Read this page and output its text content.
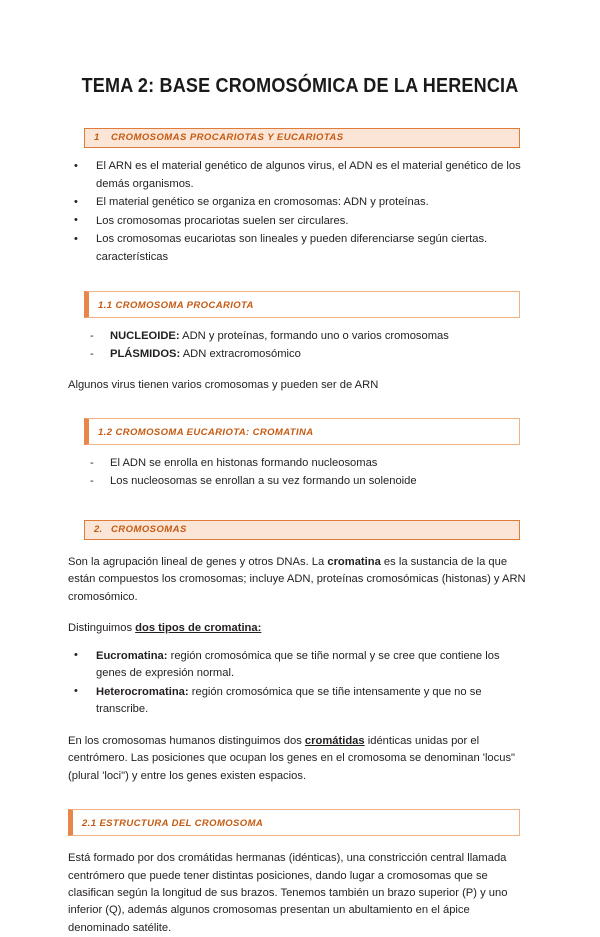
TEMA 2: BASE CROMOSÓMICA DE LA HERENCIA
1	CROMOSOMAS PROCARIOTAS Y EUCARIOTAS
• El ARN es el material genético de algunos virus, el ADN es el material genético de los demás organismos.
• El material genético se organiza en cromosomas: ADN y proteínas.
• Los cromosomas procariotas suelen ser circulares.
• Los cromosomas eucariotas son lineales y pueden diferenciarse según ciertas. características
1.1 CROMOSOMA PROCARIOTA
- NUCLEOIDE: ADN y proteínas, formando uno o varios cromosomas
- PLÁSMIDOS: ADN extracromosómico

Algunos virus tienen varios cromosomas y pueden ser de ARN

1.2 CROMOSOMA EUCARIOTA: CROMATINA
- El ADN se enrolla en histonas formando nucleosomas
- Los nucleosomas se enrollan a su vez formando un solenoide
2. CROMOSOMAS

Son la agrupación lineal de genes y otros DNAs. La cromatina es la sustancia de la que están compuestos los cromosomas; incluye ADN, proteínas cromosómicas (histonas) y ARN cromosómico.

Distinguimos dos tipos de cromatina:

• Eucromatina: región cromosómica que se tiñe normal y se cree que contiene los genes de expresión normal.
• Heterocromatina: región cromosómica que se tiñe intensamente y que no se transcribe.

En los cromosomas humanos distinguimos dos cromátidas idénticas unidas por el centrómero. Las posiciones que ocupan los genes en el cromosoma se denominan 'locus" (plural 'loci") y entre los genes existen espacios.

2.1 ESTRUCTURA DEL CROMOSOMA

Está formado por dos cromátidas hermanas (idénticas), una constricción central llamada centrómero que puede tener distintas posiciones, dando lugar a cromosomas que se clasifican según la longitud de sus brazos. Tenemos también un brazo superior (P) y uno inferior (Q), además algunos cromosomas presentan un abultamiento en el ápice denominado satélite.
